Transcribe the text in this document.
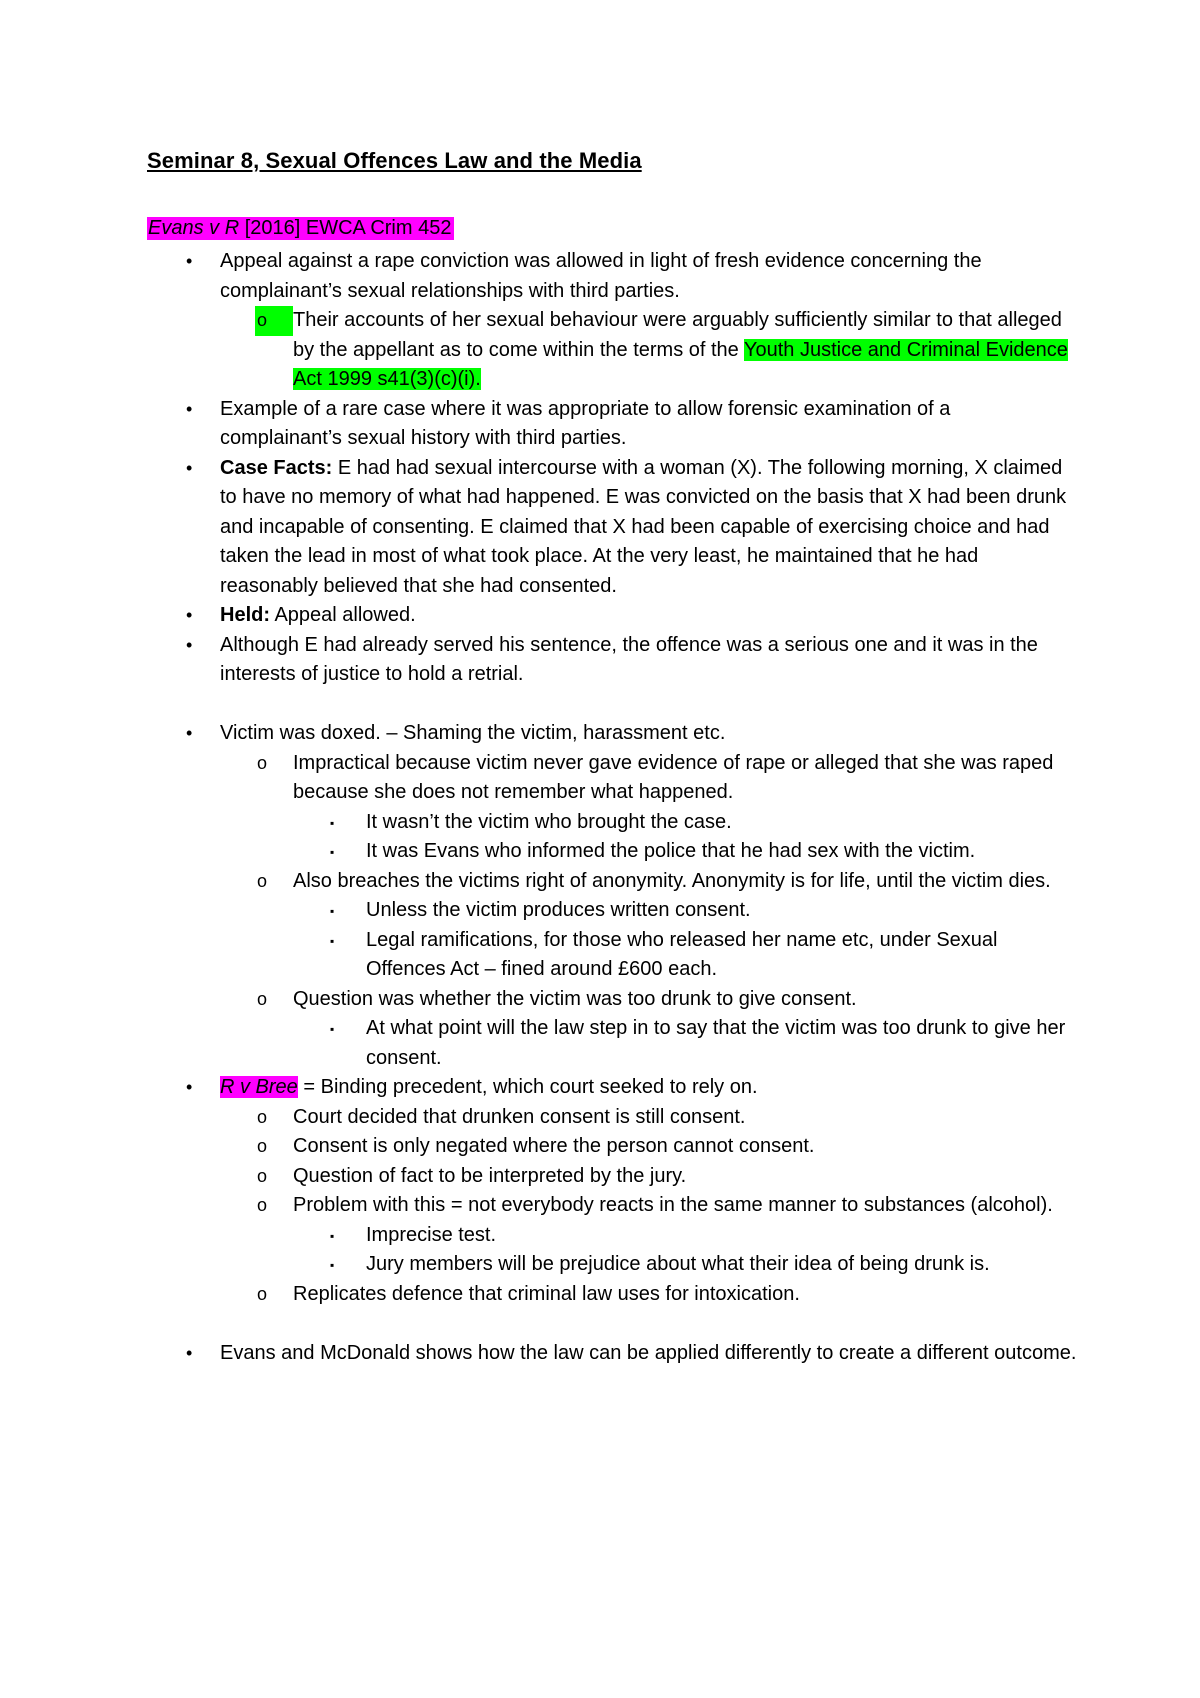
Seminar 8, Sexual Offences Law and the Media
Evans v R [2016] EWCA Crim 452

• Appeal against a rape conviction was allowed in light of fresh evidence concerning the complainant’s sexual relationships with third parties.

o	Their accounts of her sexual behaviour were arguably sufficiently similar to that alleged by the appellant as to come within the terms of the Youth Justice and Criminal Evidence Act 1999 s41(3)(c)(i).

• Example of a rare case where it was appropriate to allow forensic examination of a complainant’s sexual history with third parties.

• Case Facts: E had had sexual intercourse with a woman (X). The following morning, X claimed to have no memory of what had happened. E was convicted on the basis that X had been drunk and incapable of consenting. E claimed that X had been capable of exercising choice and had taken the lead in most of what took place. At the very least, he maintained that he had reasonably believed that she had consented.

• Held: Appeal allowed.

• Although E had already served his sentence, the offence was a serious one and it was in the interests of justice to hold a retrial.

• Victim was doxed. – Shaming the victim, harassment etc.

o Impractical because victim never gave evidence of rape or alleged that she was raped because she does not remember what happened.

▪ It wasn’t the victim who brought the case.

▪ It was Evans who informed the police that he had sex with the victim.

o Also breaches the victims right of anonymity. Anonymity is for life, until the victim dies.

▪ Unless the victim produces written consent.

▪ Legal ramifications, for those who released her name etc, under Sexual Offences Act – fined around £600 each.

o Question was whether the victim was too drunk to give consent.

▪ At what point will the law step in to say that the victim was too drunk to give her consent.

• R v Bree = Binding precedent, which court seeked to rely on.

o Court decided that drunken consent is still consent.

o Consent is only negated where the person cannot consent.

o Question of fact to be interpreted by the jury.

o Problem with this = not everybody reacts in the same manner to substances (alcohol).

▪ Imprecise test.

▪ Jury members will be prejudice about what their idea of being drunk is.

o Replicates defence that criminal law uses for intoxication.

• Evans and McDonald shows how the law can be applied differently to create a different outcome.
